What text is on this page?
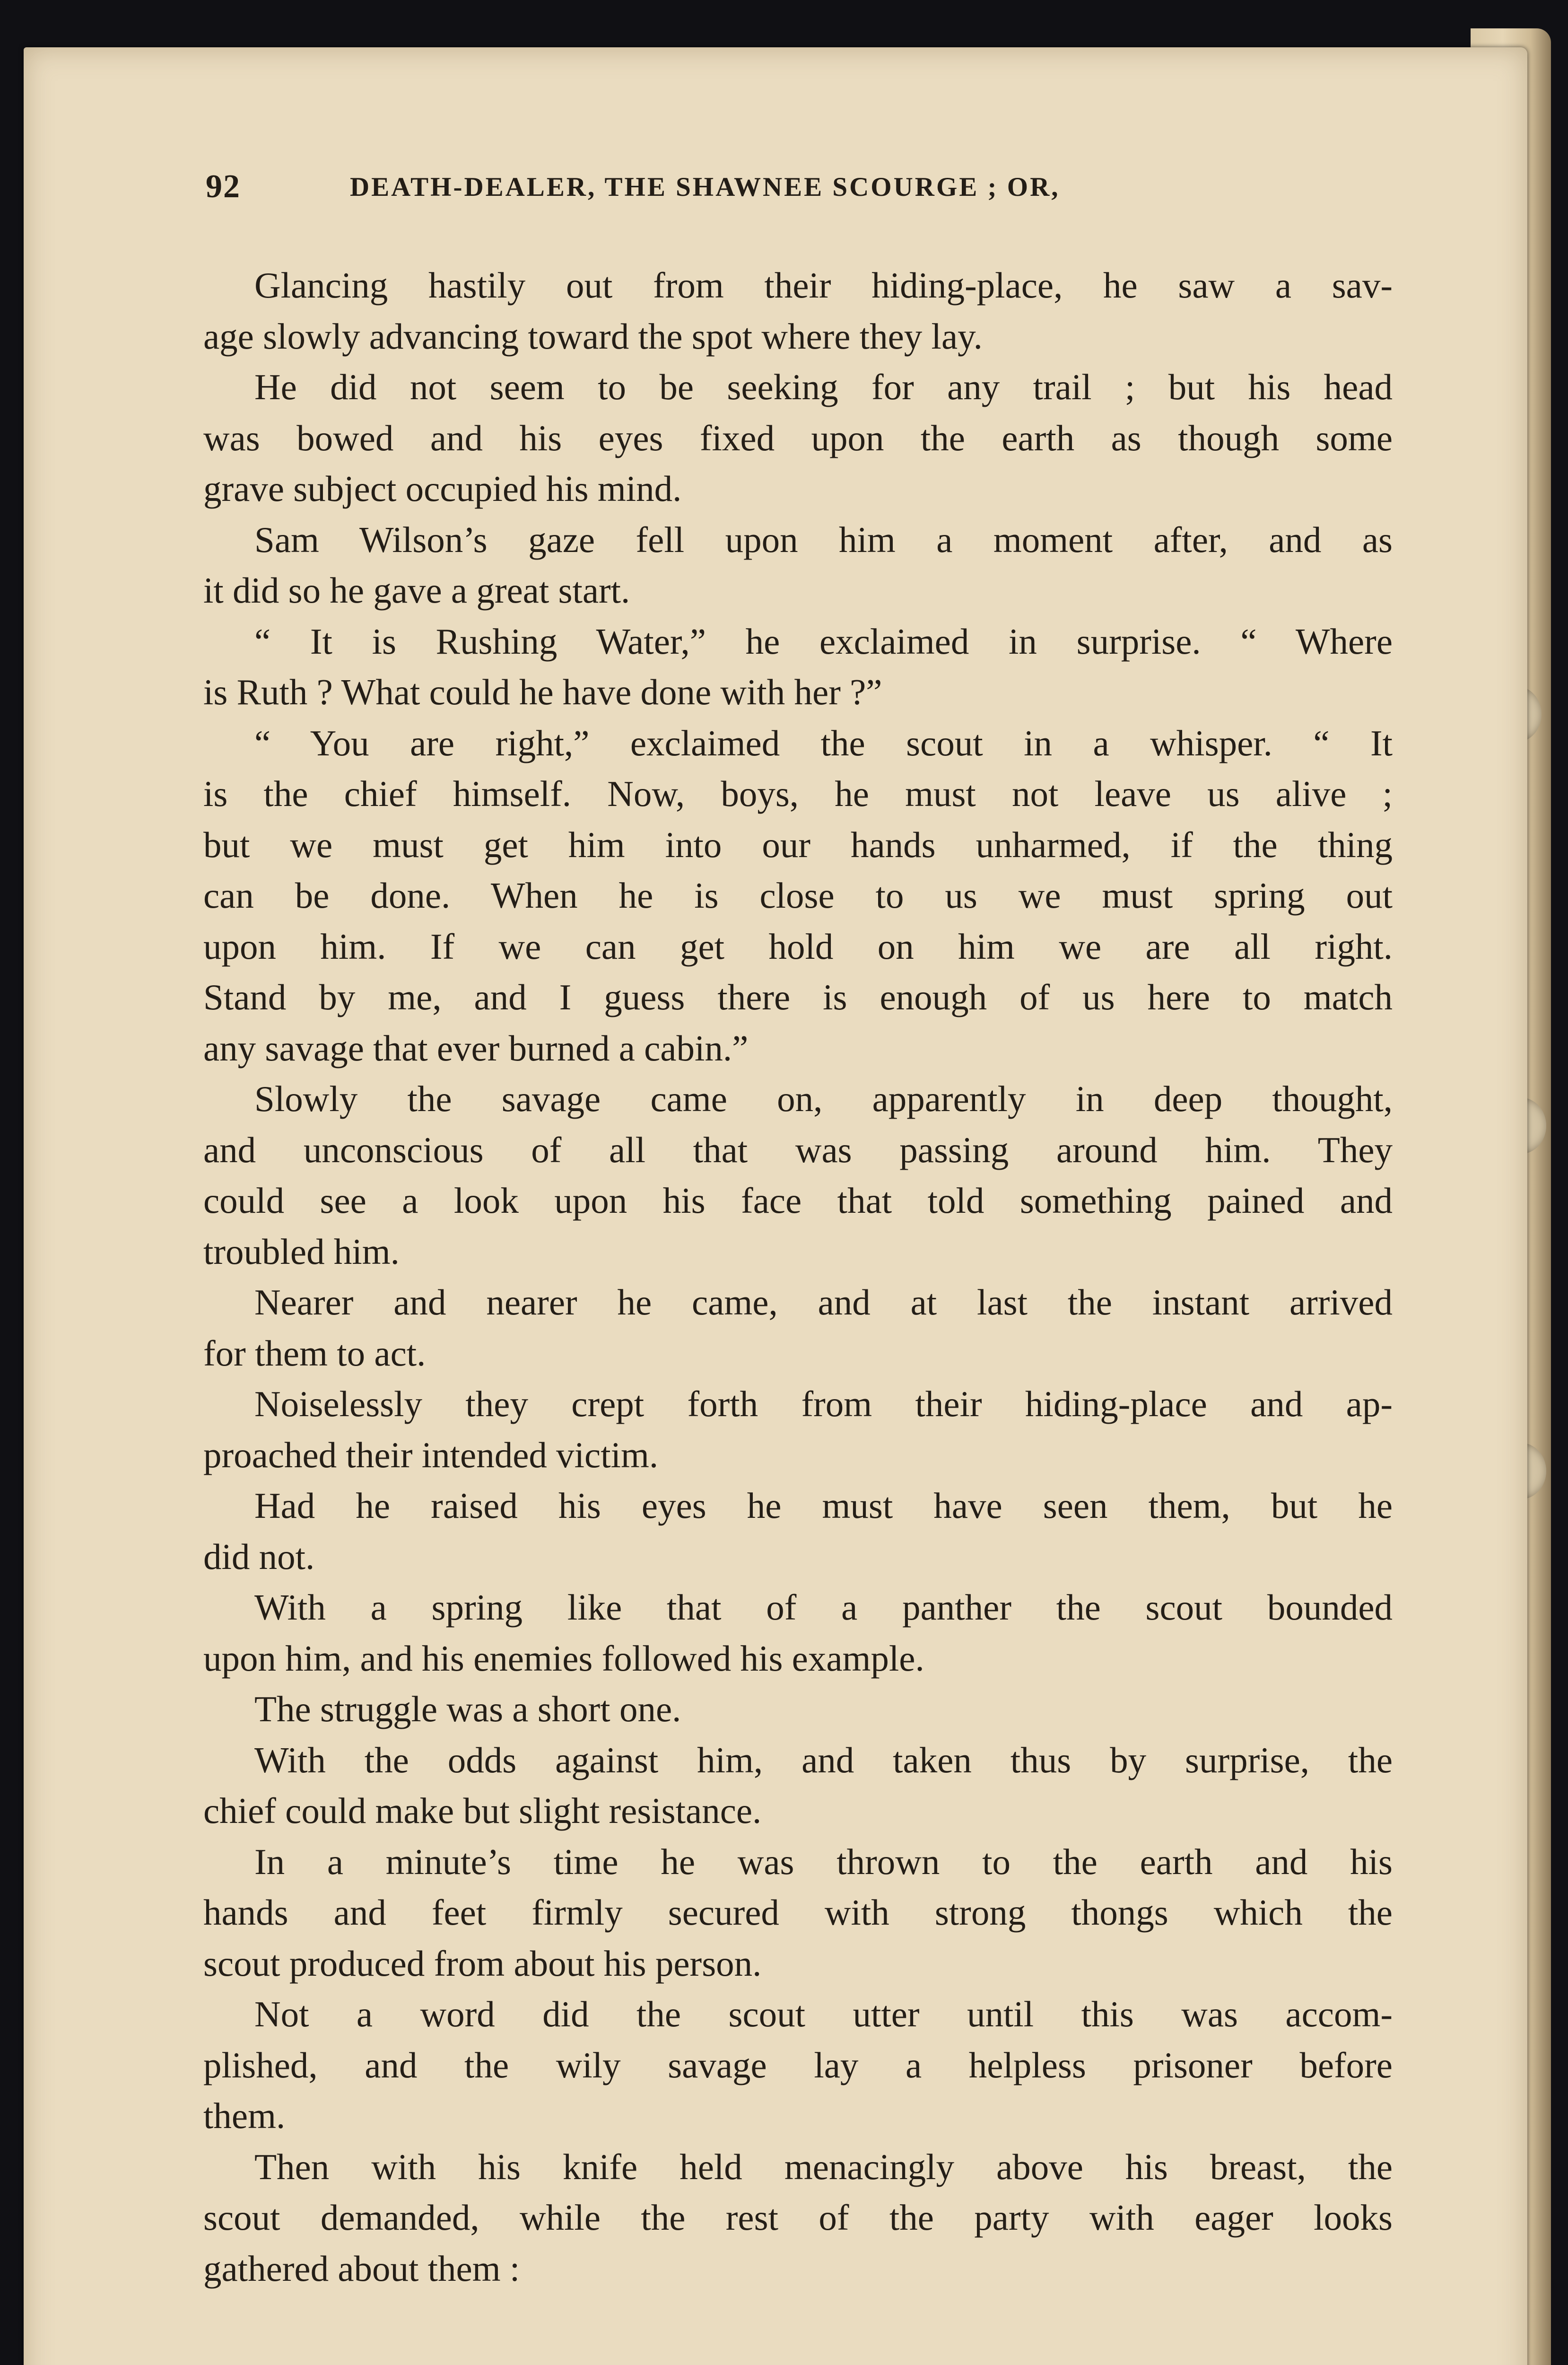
92	DEATH-DEALER, THE SHAWNEE SCOURGE ; OR,
Glancing hastily out from their hiding-place, he saw a sav-
age slowly advancing toward the spot where they lay.
He did not seem to be seeking for any trail ; but his head
was bowed and his eyes fixed upon the earth as though some
grave subject occupied his mind.
Sam Wilson’s gaze fell upon him a moment after, and as
it did so he gave a great start.
“ It is Rushing Water,” he exclaimed in surprise. “ Where
is Ruth ? What could he have done with her ?”
“ You are right,” exclaimed the scout in a whisper. “ It
is the chief himself. Now, boys, he must not leave us alive ;
but we must get him into our hands unharmed, if the thing
can be done. When he is close to us we must spring out
upon him. If we can get hold on him we are all right.
Stand by me, and I guess there is enough of us here to match
any savage that ever burned a cabin.”
Slowly the savage came on, apparently in deep thought,
and unconscious of all that was passing around him. They
could see a look upon his face that told something pained and
troubled him.
Nearer and nearer he came, and at last the instant arrived
for them to act.
Noiselessly they crept forth from their hiding-place and ap-
proached their intended victim.
Had he raised his eyes he must have seen them, but he
did not.
With a spring like that of a panther the scout bounded
upon him, and his enemies followed his example.
The struggle was a short one.
With the odds against him, and taken thus by surprise, the
chief could make but slight resistance.
In a minute’s time he was thrown to the earth and his
hands and feet firmly secured with strong thongs which the
scout produced from about his person.
Not a word did the scout utter until this was accom-
plished, and the wily savage lay a helpless prisoner before
them.
Then with his knife held menacingly above his breast, the
scout demanded, while the rest of the party with eager looks
gathered about them :
